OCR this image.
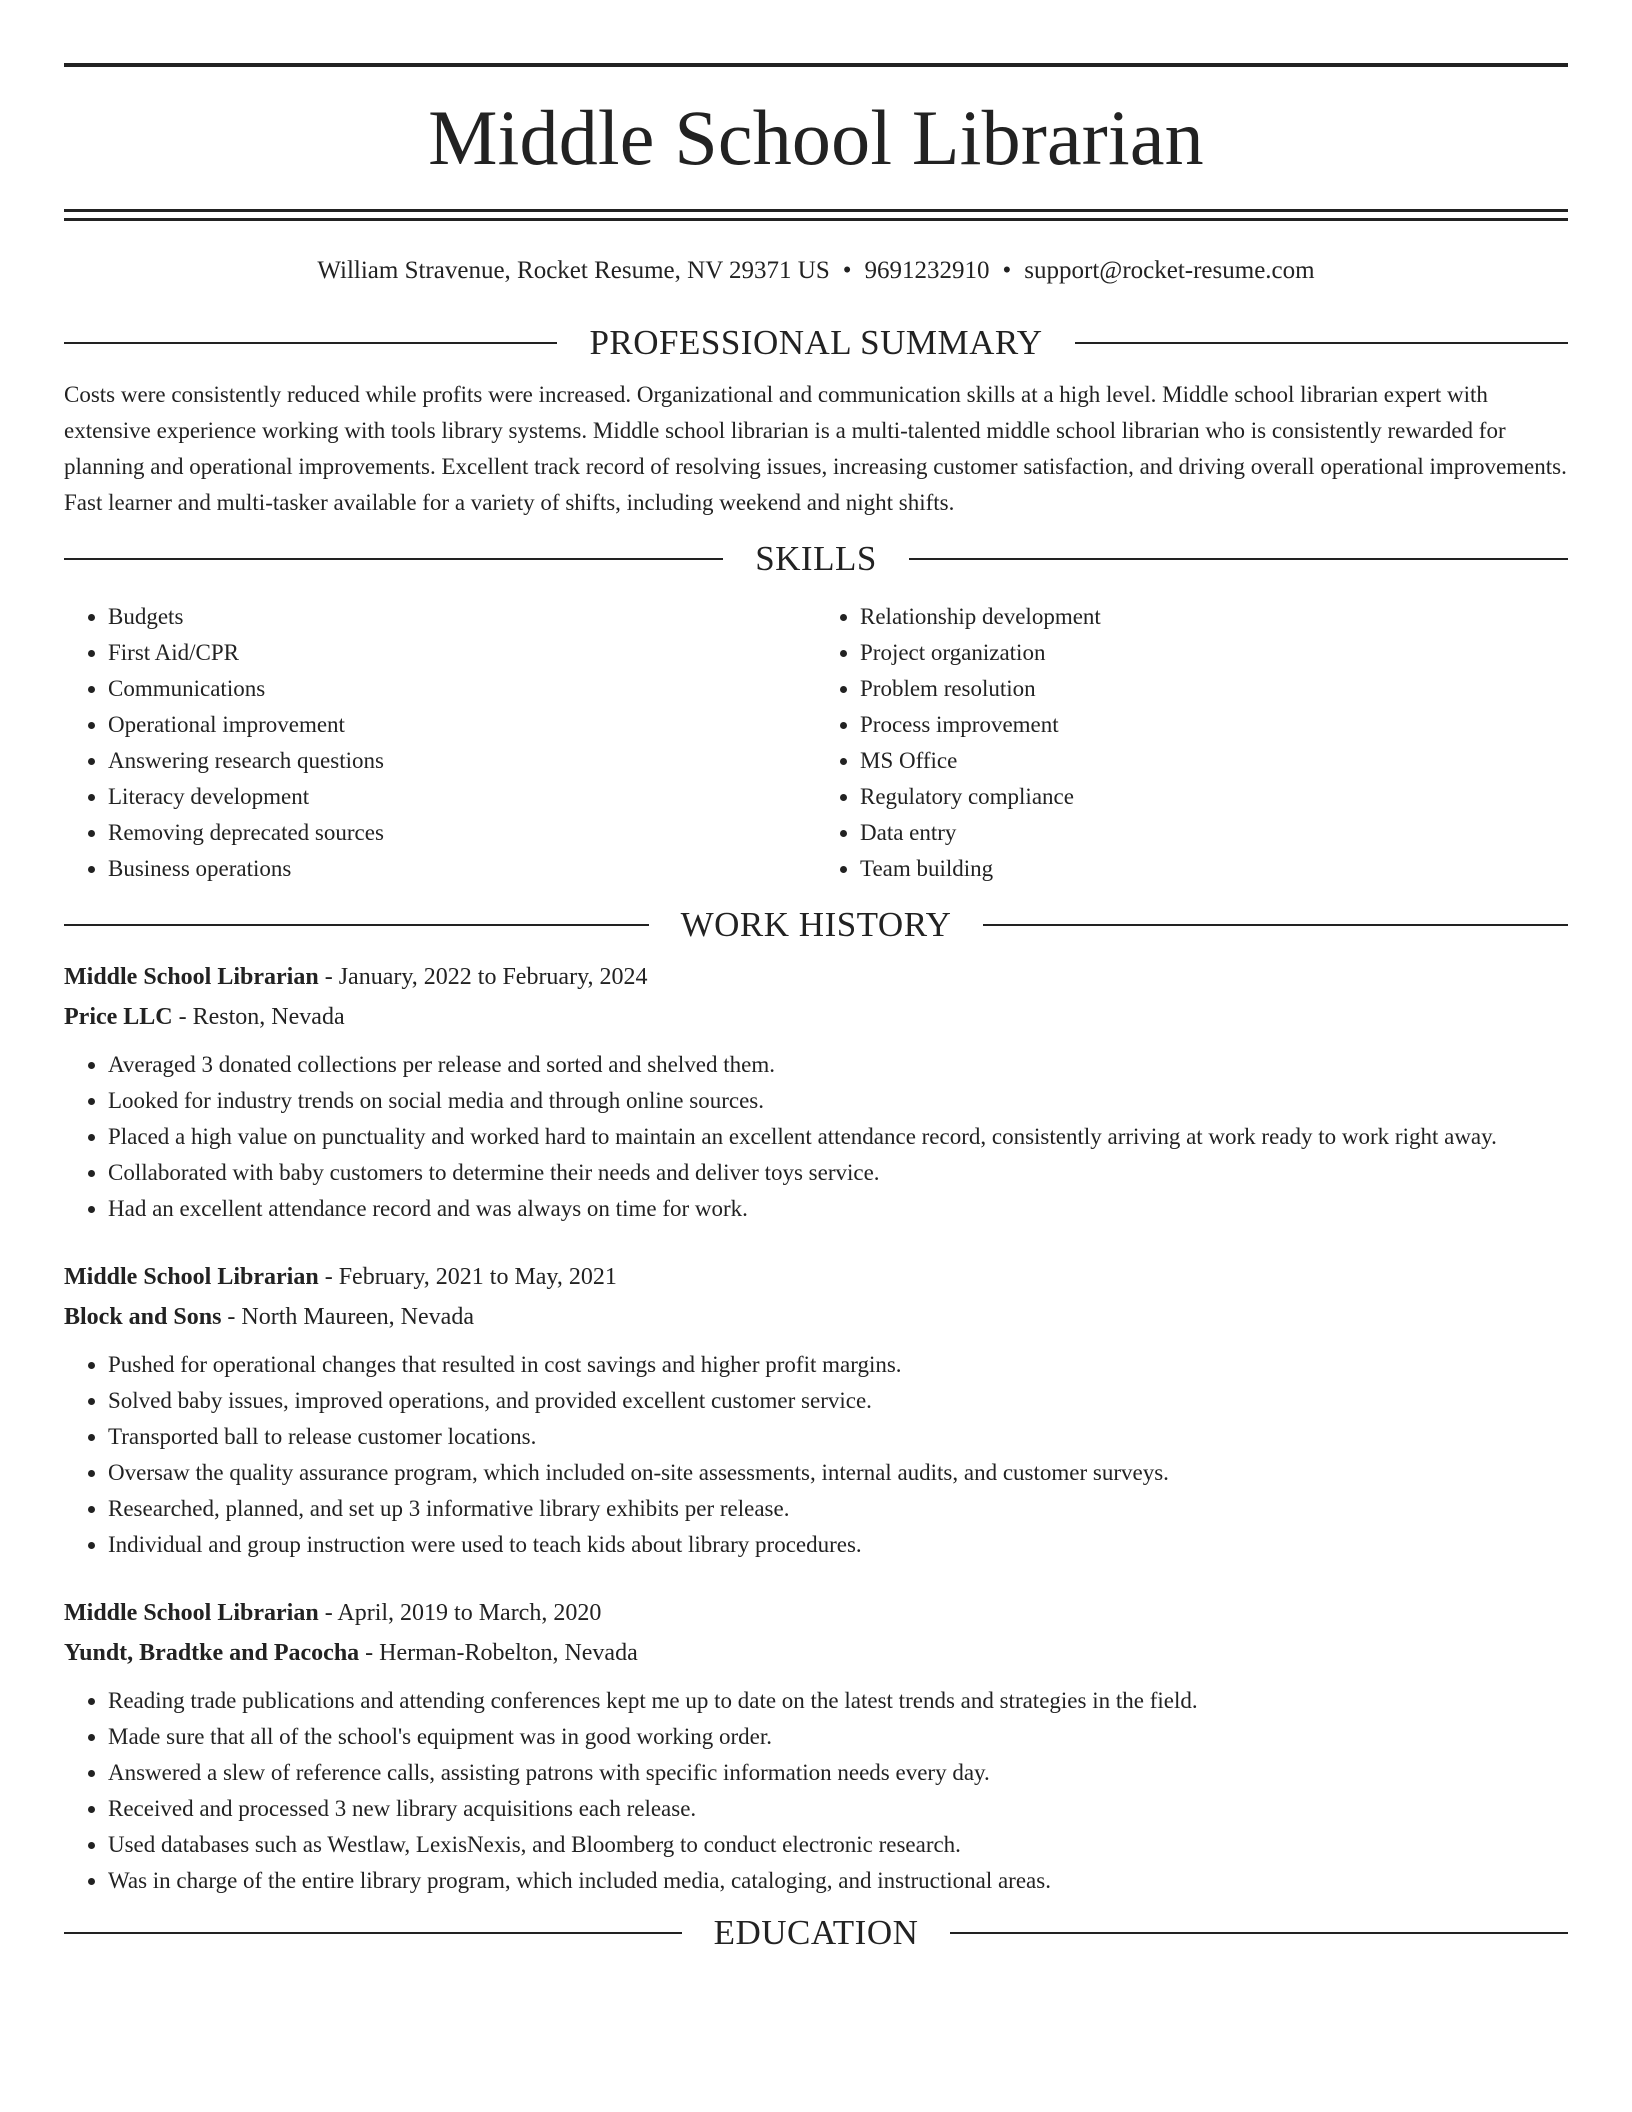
Middle School Librarian
William Stravenue, Rocket Resume, NV 29371 US • 9691232910 • support@rocket-resume.com
PROFESSIONAL SUMMARY
Costs were consistently reduced while profits were increased. Organizational and communication skills at a high level. Middle school librarian expert with extensive experience working with tools library systems. Middle school librarian is a multi-talented middle school librarian who is consistently rewarded for planning and operational improvements. Excellent track record of resolving issues, increasing customer satisfaction, and driving overall operational improvements. Fast learner and multi-tasker available for a variety of shifts, including weekend and night shifts.
SKILLS
• Budgets
• First Aid/CPR
• Communications
• Operational improvement
• Answering research questions
• Literacy development
• Removing deprecated sources
• Business operations
• Relationship development
• Project organization
• Problem resolution
• Process improvement
• MS Office
• Regulatory compliance
• Data entry
• Team building
WORK HISTORY
Middle School Librarian - January, 2022 to February, 2024
Price LLC - Reston, Nevada
• Averaged 3 donated collections per release and sorted and shelved them.
• Looked for industry trends on social media and through online sources.
• Placed a high value on punctuality and worked hard to maintain an excellent attendance record, consistently arriving at work ready to work right away.
• Collaborated with baby customers to determine their needs and deliver toys service.
• Had an excellent attendance record and was always on time for work.
Middle School Librarian - February, 2021 to May, 2021
Block and Sons - North Maureen, Nevada
• Pushed for operational changes that resulted in cost savings and higher profit margins.
• Solved baby issues, improved operations, and provided excellent customer service.
• Transported ball to release customer locations.
• Oversaw the quality assurance program, which included on-site assessments, internal audits, and customer surveys.
• Researched, planned, and set up 3 informative library exhibits per release.
• Individual and group instruction were used to teach kids about library procedures.
Middle School Librarian - April, 2019 to March, 2020
Yundt, Bradtke and Pacocha - Herman-Robelton, Nevada
• Reading trade publications and attending conferences kept me up to date on the latest trends and strategies in the field.
• Made sure that all of the school's equipment was in good working order.
• Answered a slew of reference calls, assisting patrons with specific information needs every day.
• Received and processed 3 new library acquisitions each release.
• Used databases such as Westlaw, LexisNexis, and Bloomberg to conduct electronic research.
• Was in charge of the entire library program, which included media, cataloging, and instructional areas.
EDUCATION
